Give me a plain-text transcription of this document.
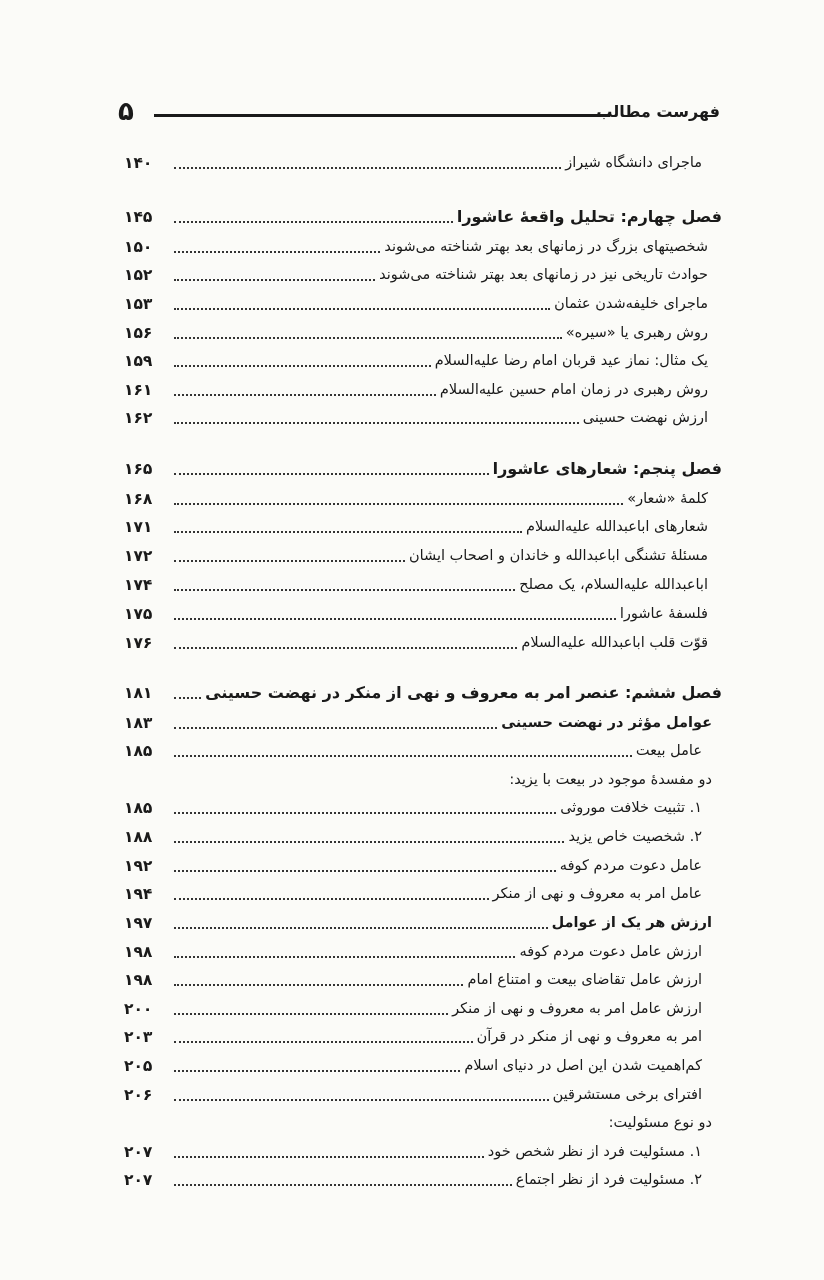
۵	فهرست مطالب
ماجرای دانشگاه شیراز
۱۴۰
فصل چهارم: تحلیل واقعهٔ عاشورا
۱۴۵
شخصیتهای بزرگ در زمانهای بعد بهتر شناخته می‌شوند
۱۵۰
حوادث تاریخی نیز در زمانهای بعد بهتر شناخته می‌شوند
۱۵۲
ماجرای خلیفه‌شدن عثمان
۱۵۳
روش رهبری یا «سیره»
۱۵۶
یک مثال: نماز عید قربان امام رضا عليه‌السلام
۱۵۹
روش رهبری در زمان امام حسین عليه‌السلام
۱۶۱
ارزش نهضت حسینی
۱۶۲
فصل پنجم: شعارهای عاشورا
۱۶۵
کلمهٔ «شعار»
۱۶۸
شعارهای اباعبدالله عليه‌السلام
۱۷۱
مسئلهٔ تشنگی اباعبدالله و خاندان و اصحاب ایشان
۱۷۲
اباعبدالله عليه‌السلام، یک مصلح
۱۷۴
فلسفهٔ عاشورا
۱۷۵
قوّت قلب اباعبدالله عليه‌السلام
۱۷۶
فصل ششم: عنصر امر به معروف و نهی از منکر در نهضت حسینی
۱۸۱
عوامل مؤثر در نهضت حسینی
۱۸۳
عامل بیعت
۱۸۵
دو مفسدهٔ موجود در بیعت با یزید:
۱. تثبیت خلافت موروثی
۱۸۵
۲. شخصیت خاص یزید
۱۸۸
عامل دعوت مردم کوفه
۱۹۲
عامل امر به معروف و نهی از منکر
۱۹۴
ارزش هر یک از عوامل
۱۹۷
ارزش عامل دعوت مردم کوفه
۱۹۸
ارزش عامل تقاضای بیعت و امتناع امام
۱۹۸
ارزش عامل امر به معروف و نهی از منکر
۲۰۰
امر به معروف و نهی از منکر در قرآن
۲۰۳
کم‌اهمیت شدن این اصل در دنیای اسلام
۲۰۵
افترای برخی مستشرقین
۲۰۶
دو نوع مسئولیت:
۱. مسئولیت فرد از نظر شخص خود
۲۰۷
۲. مسئولیت فرد از نظر اجتماع
۲۰۷
